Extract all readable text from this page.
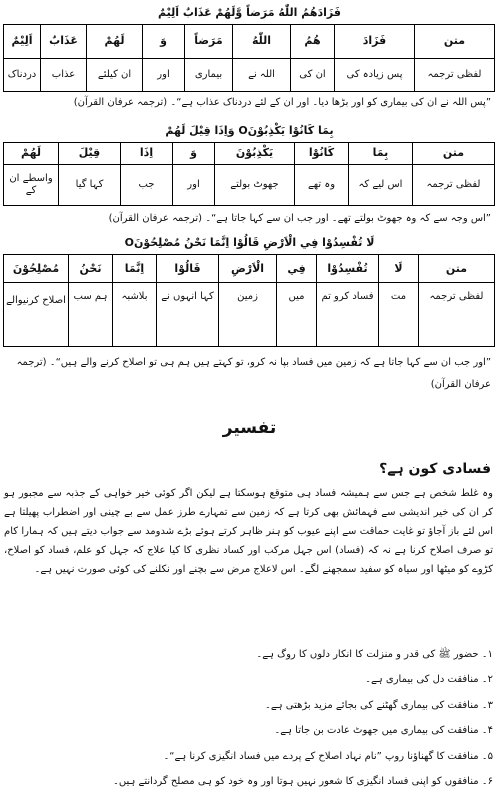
فَزَادَهُمُ اللّٰهُ مَرَضاً وَّلَهُمْ عَذَابٌ اَلِيْمٌ
متن	فَزَادَ	هُمُ	اللّٰهُ	مَرَضاً	وَ	لَهُمْ	عَذَابٌ	اَلِيْمٌ
لفظی ترجمہ	پس زیادہ کی	ان کی	اللہ نے	بیماری	اور	ان کیلئے	عذاب	دردناک
”پس اللہ نے ان کی بیماری کو اور بڑھا دیا۔ اور ان کے لئے دردناک عذاب ہے“۔ (ترجمہ عرفان القرآن)
بِمَا كَانُوْا يَكْذِبُوْنَO وَاِذَا قِيْلَ لَهُمْ
متن	بِمَا	كَانُوْا	يَكْذِبُوْنَ	وَ	اِذَا	قِيْلَ	لَهُمْ
لفظی ترجمہ	اس لیے کہ	وہ تھے	جھوٹ بولتے	اور	جب	کہا گیا	واسطے ان کے
”اس وجہ سے کہ وہ جھوٹ بولتے تھے۔ اور جب ان سے کہا جاتا ہے“۔ (ترجمہ عرفان القرآن)
لَا تُفْسِدُوْا فِي الْاَرْضِ قَالُوْا اِنَّمَا نَحْنُ مُصْلِحُوْنَO
متن	لَا	تُفْسِدُوْا	فِي	الْاَرْضِ	قَالُوْا	اِنَّمَا	نَحْنُ	مُصْلِحُوْنَ
لفظی ترجمہ	مت	فساد کرو تم	میں	زمین	کہا انہوں نے	بلاشبہ	ہم سب	اصلاح کرنیوالے
”اور جب ان سے کہا جاتا ہے کہ زمین میں فساد بپا نہ کرو، تو کہتے ہیں ہم ہی تو اصلاح کرنے والے ہیں“۔ (ترجمہ عرفان القرآن)
تفسیر
فسادی کون ہے؟
وہ غلط شخص ہے جس سے ہمیشہ فساد ہی متوقع ہوسکتا ہے لیکن اگر کوئی خیر خواہی کے جذبہ سے مجبور ہو کر ان کی خیر اندیشی سے فہمائش بھی کرتا ہے کہ زمین سے تمہارے طرز عمل سے بے چینی اور اضطراب پھیلتا ہے اس لئے باز آجاؤ تو غایت حماقت سے اپنے عیوب کو ہنر ظاہر کرتے ہوئے بڑے شدومد سے جواب دیتے ہیں کہ ہمارا کام تو صرف اصلاح کرنا ہے نہ کہ (فساد) اس جہل مرکب اور کساد نظری کا کیا علاج کہ جہل کو علم، فساد کو اصلاح، کڑوے کو میٹھا اور سیاہ کو سفید سمجھنے لگے۔ اس لاعلاج مرض سے بچنے اور نکلنے کی کوئی صورت نہیں ہے۔
۱۔ حضور ﷺ کی قدر و منزلت کا انکار دلوں کا روگ ہے۔
۲۔ منافقت دل کی بیماری ہے۔
۳۔ منافقت کی بیماری گھٹنے کی بجائے مزید بڑھتی ہے۔
۴۔ منافقت کی بیماری میں جھوٹ عادت بن جاتا ہے۔
۵۔ منافقت کا گھناؤنا روپ ”نام نہاد اصلاح کے پردے میں فساد انگیزی کرنا ہے“۔
۶۔ منافقوں کو اپنی فساد انگیزی کا شعور نہیں ہوتا اور وہ خود کو ہی مصلح گردانتے ہیں۔
